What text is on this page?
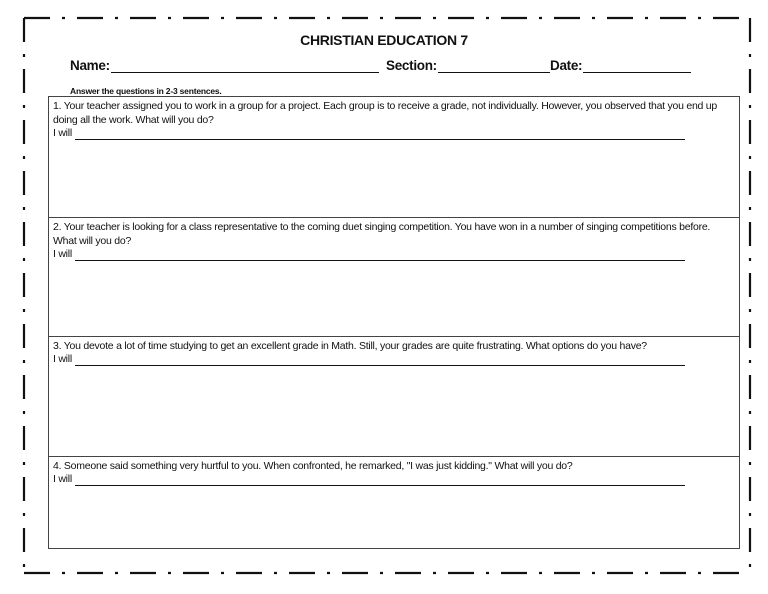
CHRISTIAN EDUCATION 7
Name:	Section:	Date:
Answer the questions in 2-3 sentences.
1. Your teacher assigned you to work in a group for a project. Each group is to receive a grade, not individually. However, you observed that you end up doing all the work. What will you do?
I will
2. Your teacher is looking for a class representative to the coming duet singing competition. You have won in a number of singing competitions before. What will you do?
I will
3. You devote a lot of time studying to get an excellent grade in Math. Still, your grades are quite frustrating. What options do you have?
I will
4. Someone said something very hurtful to you. When confronted, he remarked, "I was just kidding." What will you do?
I will
